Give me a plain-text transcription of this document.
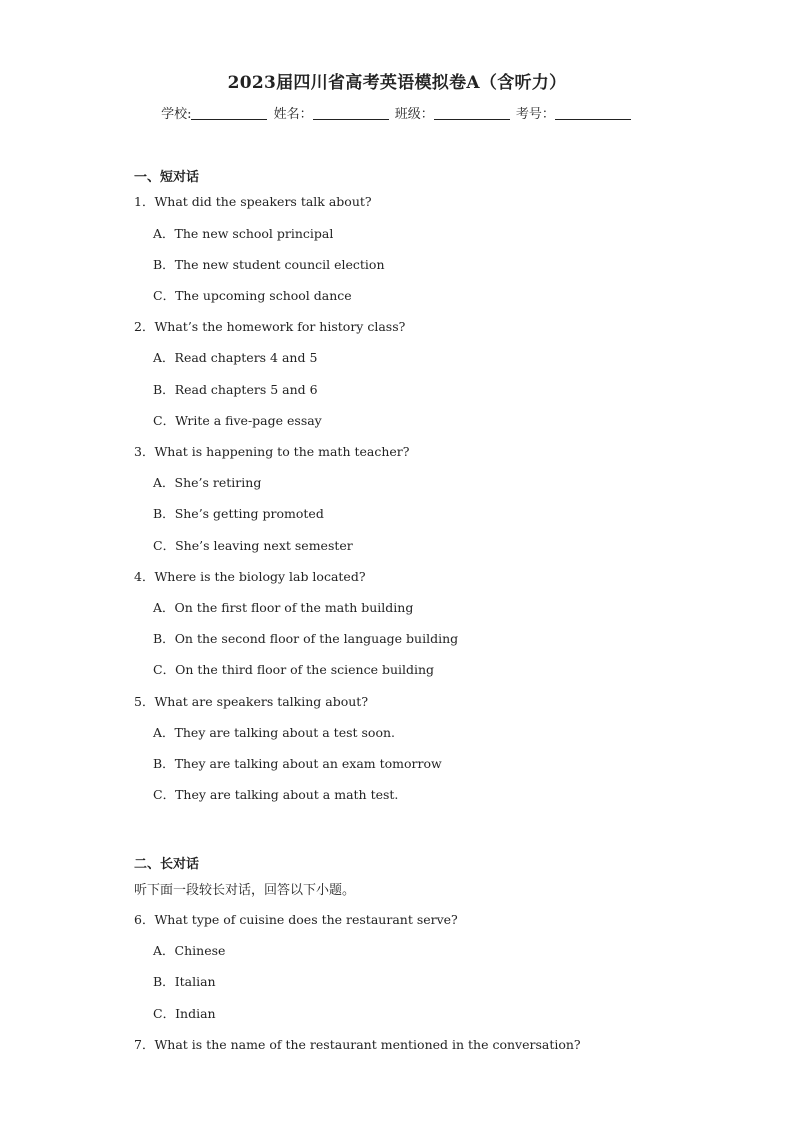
2023届四川省高考英语模拟卷A（含听力）
学校:	姓名：	班级：	考号：
一、短对话
1．What did the speakers talk about?
A．The new school principal
B．The new student council election
C．The upcoming school dance
2．What’s the homework for history class?
A．Read chapters 4 and 5
B．Read chapters 5 and 6
C．Write a five-page essay
3．What is happening to the math teacher?
A．She’s retiring
B．She’s getting promoted
C．She’s leaving next semester
4．Where is the biology lab located?
A．On the first floor of the math building
B．On the second floor of the language building
C．On the third floor of the science building
5．What are speakers talking about?
A．They are talking about a test soon.
B．They are talking about an exam tomorrow
C．They are talking about a math test.
二、长对话
听下面一段较长对话，回答以下小题。
6．What type of cuisine does the restaurant serve?
A．Chinese
B．Italian
C．Indian
7．What is the name of the restaurant mentioned in the conversation?
